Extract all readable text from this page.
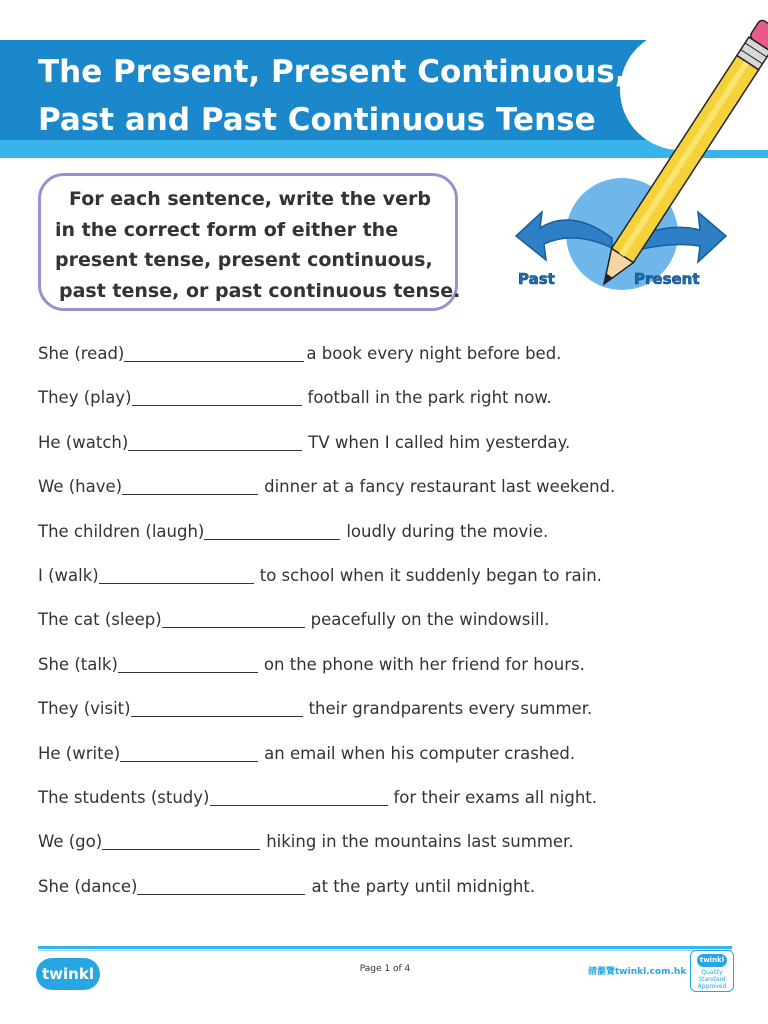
The Present, Present Continuous,
Past and Past Continuous Tense
Past	Present

For each sentence, write the verb
in the correct form of either the
present tense, present continuous,
past tense, or past continuous tense.

She (read)	a book every night before bed.
They (play)	football in the park right now.
He (watch)	TV when I called him yesterday.
We (have)	dinner at a fancy restaurant last weekend.
The children (laugh)	loudly during the movie.
I (walk)	to school when it suddenly began to rain.
The cat (sleep)	peacefully on the windowsill.
She (talk)	on the phone with her friend for hours.
They (visit)	their grandparents every summer.
He (write)	an email when his computer crashed.
The students (study)	for their exams all night.
We (go)	hiking in the mountains last summer.
She (dance)	at the party until midnight.
twinkl	Page 1 of 4	請瀏覽twinkl.com.hk
twinkl
Quality Standard Approved
